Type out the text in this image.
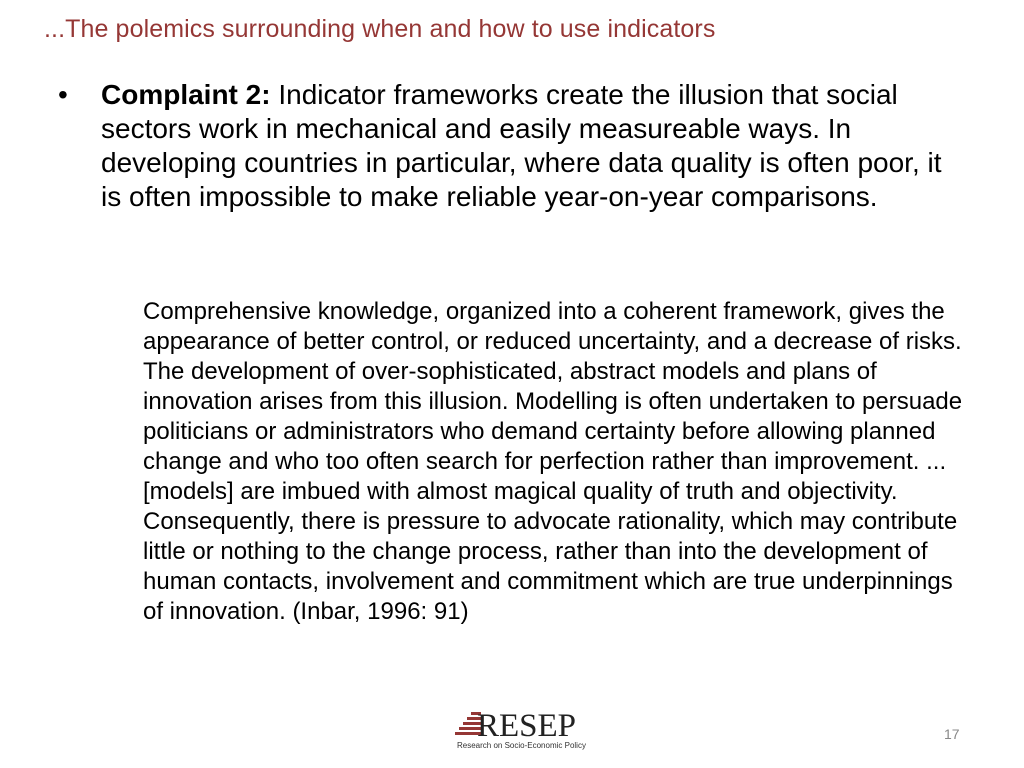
...The polemics surrounding when and how to use indicators
•	Complaint 2: Indicator frameworks create the illusion that social sectors work in mechanical and easily measureable ways. In developing countries in particular, where data quality is often poor, it is often impossible to make reliable year-on-year comparisons.
Comprehensive knowledge, organized into a coherent framework, gives the appearance of better control, or reduced uncertainty, and a decrease of risks. The development of over-sophisticated, abstract models and plans of innovation arises from this illusion. Modelling is often undertaken to persuade politicians or administrators who demand certainty before allowing planned change and who too often search for perfection rather than improvement. ... [models] are imbued with almost magical quality of truth and objectivity. Consequently, there is pressure to advocate rationality, which may contribute little or nothing to the change process, rather than into the development of human contacts, involvement and commitment which are true underpinnings of innovation. (Inbar, 1996: 91)
RESEP
Research on Socio-Economic Policy
17
